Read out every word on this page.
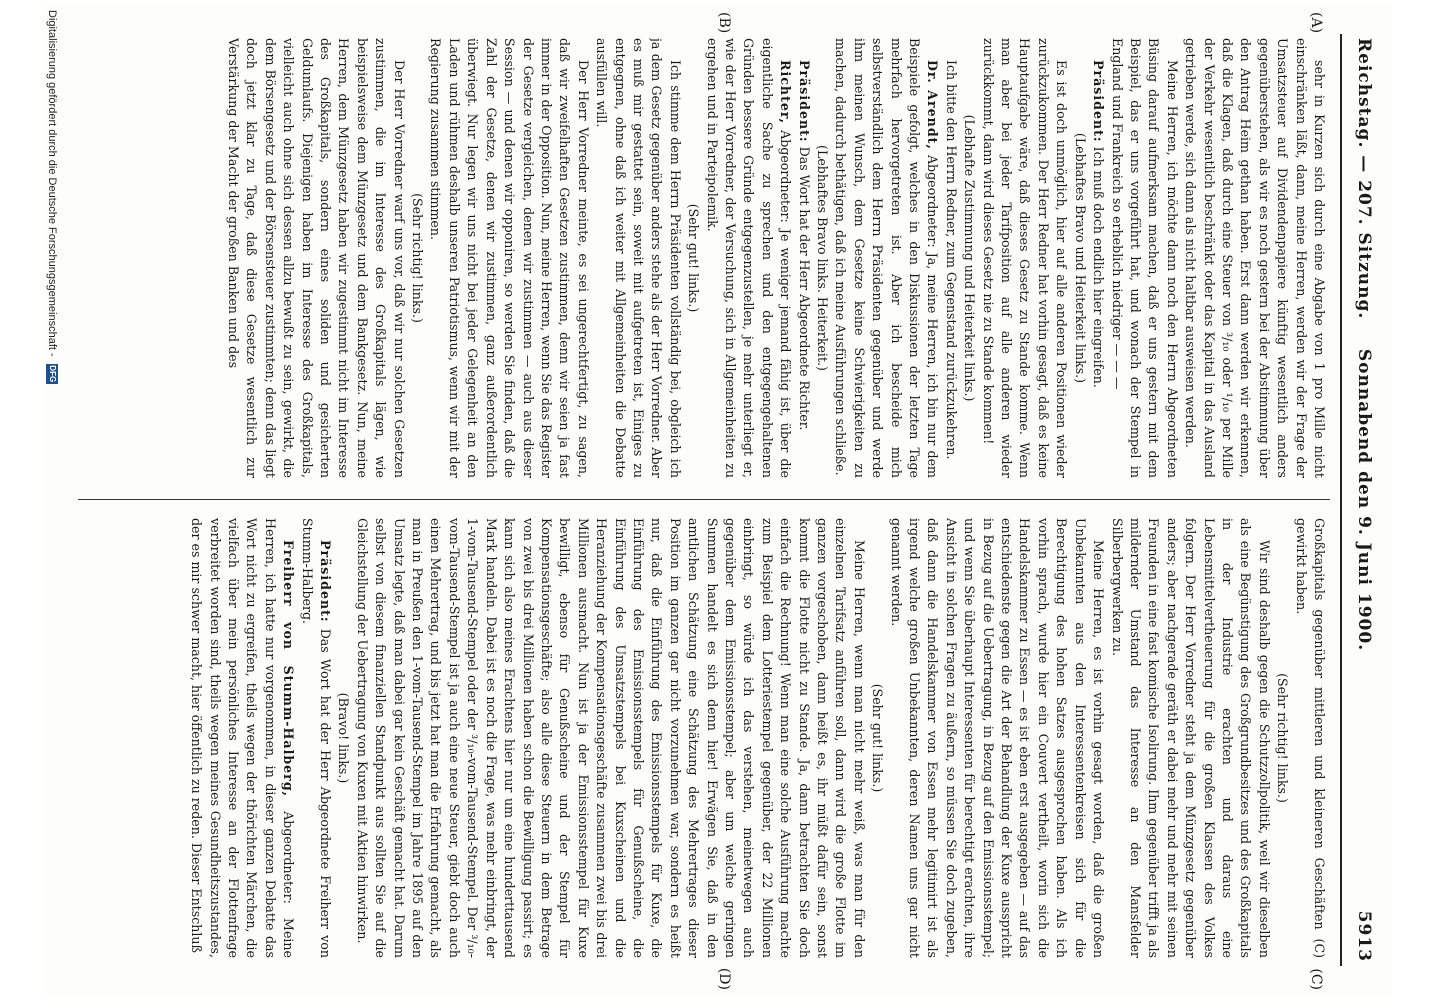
Reichstag. — 207. Sitzung.
Sonnabend den 9. Juni 1900.
5913
(A)
(B)
(C)
(D)

sehr in Kurzen sich durch eine Abgabe von 1 pro Mille nicht einschränken läßt, dann, meine Herren, werden wir der Frage der Umsatzsteuer auf Dividendenpapiere künftig wesentlich anders gegenüberstehen, als wir es noch gestern bei der Abstimmung über den Antrag Heim gethan haben. Erst dann werden wir erkennen, daß die Klagen, daß durch eine Steuer von ³/₁₀ oder ¹/₁₀ per Mille der Verkehr wesentlich beschränkt oder das Kapital in das Ausland getrieben werde, sich dann als nicht haltbar ausweisen werden.

Meine Herren, ich möchte dann noch den Herrn Abgeordneten Büsing darauf aufmerksam machen, daß er uns gestern mit dem Beispiel, das er uns vorgeführt hat, und wonach der Stempel in England und Frankreich so erheblich niedriger — — —

Präsident: Ich muß doch endlich hier eingreifen.

(Lebhaftes Bravo und Heiterkeit links.)

Es ist doch unmöglich, hier auf alle anderen Positionen wieder zurückzukommen. Der Herr Redner hat vorhin gesagt, daß es keine Hauptaufgabe wäre, daß dieses Gesetz zu Stande komme. Wenn man aber bei jeder Tarifposition auf alle anderen wieder zurückkommt, dann wird dieses Gesetz nie zu Stande kommen!

(Lebhafte Zustimmung und Heiterkeit links.)

Ich bitte den Herrn Redner, zum Gegenstand zurückzukehren.

Dr. Arendt, Abgeordneter: Ja, meine Herren, ich bin nur dem Beispiele gefolgt, welches in den Diskussionen der letzten Tage mehrfach hervorgetreten ist. Aber ich bescheide mich selbstverständlich dem Herrn Präsidenten gegenüber und werde ihm meinen Wunsch, dem Gesetze keine Schwierigkeiten zu machen, dadurch bethätigen, daß ich meine Ausführungen schließe.

(Lebhaftes Bravo links. Heiterkeit.)

Präsident: Das Wort hat der Herr Abgeordnete Richter.

Richter, Abgeordneter: Je weniger jemand fähig ist, über die eigentliche Sache zu sprechen und den entgegengehaltenen Gründen bessere Gründe entgegenzustellen, je mehr unterliegt er, wie der Herr Vorredner, der Versuchung, sich in Allgemeinheiten zu ergehen und in Parteipolemik.

(Sehr gut! links.)

Ich stimme dem Herrn Präsidenten vollständig bei, obgleich ich ja dem Gesetz gegenüber anders stehe als der Herr Vorredner. Aber es muß mir gestattet sein, soweit mit aufgetreten ist, Einiges zu entgegnen, ohne daß ich weiter mit Allgemeinheiten die Debatte ausfüllen will.

Der Herr Vorredner meinte, es sei ungerechtfertigt, zu sagen, daß wir zweifelhaften Gesetzen zustimmen, denn wir seien ja fast immer in der Opposition. Nun, meine Herren, wenn Sie das Register der Gesetze vergleichen, denen wir zustimmen — auch aus dieser Session — und denen wir opponiren, so werden Sie finden, daß die Zahl der Gesetze, denen wir zustimmen, ganz außerordentlich überwiegt. Nur legen wir uns nicht bei jeder Gelegenheit an den Laden und rühmen deshalb unseren Patriotismus, wenn wir mit der Regierung zusammen stimmen.

(Sehr richtig! links.)

Der Herr Vorredner warf uns vor, daß wir nur solchen Gesetzen zustimmen, die im Interesse des Großkapitals lägen, wie beispielsweise dem Münzgesetz und dem Bankgesetz. Nun, meine Herren, dem Münzgesetz haben wir zugestimmt nicht im Interesse des Großkapitals, sondern eines soliden und gesicherten Geldumlaufs. Diejenigen haben im Interesse des Großkapitals, vielleicht auch ohne sich dessen allzu bewußt zu sein, gewirkt, die dem Börsengesetz und der Börsensteuer zustimmten; denn das liegt doch jetzt klar zu Tage, daß diese Gesetze wesentlich zur Verstärkung der Macht der großen Banken und des

Großkapitals gegenüber mittleren und kleineren Geschäften (C) gewirkt haben.

(Sehr richtig! links.)

Wir sind deshalb gegen die Schutzzollpolitik, weil wir dieselben als eine Begünstigung des Großgrundbesitzes und des Großkapitals in der Industrie erachten und daraus eine Lebensmittelvertheuerung für die großen Klassen des Volkes folgern. Der Herr Vorredner steht ja dem Münzgesetz gegenüber anders; aber nachgerade geräth er dabei mehr und mehr mit seinen Freunden in eine fast komische Isolirung. Ihm gegenüber trifft ja als mildernder Umstand das Interesse an den Mansfelder Silberbergwerken zu.

Meine Herren, es ist vorhin gesagt worden, daß die großen Unbekannten aus den Interessentenkreisen sich für die Berechtigung des hohen Satzes ausgesprochen haben. Als ich vorhin sprach, wurde hier ein Couvert vertheilt, worin sich die Handelskammer zu Essen — es ist eben erst ausgegeben — auf das entschiedenste gegen die Art der Behandlung der Kuxe ausspricht in Bezug auf die Uebertragung, in Bezug auf den Emissionsstempel; und wenn Sie überhaupt Interessenten für berechtigt erachten, ihre Ansicht in solchen Fragen zu äußern, so müssen Sie doch zugeben, daß dann die Handelskammer von Essen mehr legitimirt ist als irgend welche großen Unbekannten, deren Namen uns gar nicht genannt werden.

(Sehr gut! links.)

Meine Herren, wenn man nicht mehr weiß, was man für den einzelnen Tarifsatz anführen soll, dann wird die große Flotte im ganzen vorgeschoben, dann heißt es, ihr müßt dafür sein, sonst kommt die Flotte nicht zu Stande. Ja, dann betrachten Sie doch einfach die Rechnung! Wenn man eine solche Ausführung machte zum Beispiel dem Lotteriestempel gegenüber, der 22 Millionen einbringt, so würde ich das verstehen, meinetwegen auch gegenüber dem Emissionsstempel; aber um welche geringen Summen handelt es sich denn hier! Erwägen Sie, daß in den amtlichen Schätzung eine Schätzung des Mehrertrages dieser Position im ganzen gar nicht vorzunehmen war, sondern es heißt nur, daß die Einführung des Emissionsstempels für Kuxe, die Einführung des Emissionsstempels für Genußscheine, die Einführung des Umsatzstempels bei Kuxscheinen und die Heranziehung der Kompensationsgeschäfte zusammen zwei bis drei Millionen ausmacht. Nun ist ja der Emissionsstempel für Kuxe bewilligt, ebenso für Genußscheine und der Stempel für Kompensationsgeschäfte; also alle diese Steuern in dem Betrage von zwei bis drei Millionen haben schon die Bewilligung passirt; es kann sich also meines Erachtens hier nur um eine hunderttausend Mark handeln. Dabei ist es noch die Frage, was mehr einbringt, der 1-vom-Tausend-Stempel oder der ³/₁₀-vom-Tausend-Stempel. Der ³/₁₀-vom-Tausend-Stempel ist ja auch eine neue Steuer, giebt doch auch einen Mehrertrag, und bis jetzt hat man die Erfahrung gemacht, als man in Preußen den 1-vom-Tausend-Stempel im Jahre 1895 auf den Umsatz legte, daß man dabei gar kein Geschäft gemacht hat. Darum selbst von diesem finanziellen Standpunkt aus sollten Sie auf die Gleichstellung der Uebertragung von Kuxen mit Aktien hinwirken.

(Bravo! links.)

Präsident: Das Wort hat der Herr Abgeordnete Freiherr von Stumm-Halberg.

Freiherr von Stumm-Halberg, Abgeordneter: Meine Herren, ich hatte nur vorgenommen, in dieser ganzen Debatte das Wort nicht zu ergreifen, theils wegen der thörichten Märchen, die vielfach über mein persönliches Interesse an der Flottenfrage verbreitet worden sind, theils wegen meines Gesundheitszustandes, der es mir schwer macht, hier öffentlich zu reden. Dieser Entschluß

Digitalisierung gefördert durch die Deutsche Forschungsgemeinschaft - DFG
